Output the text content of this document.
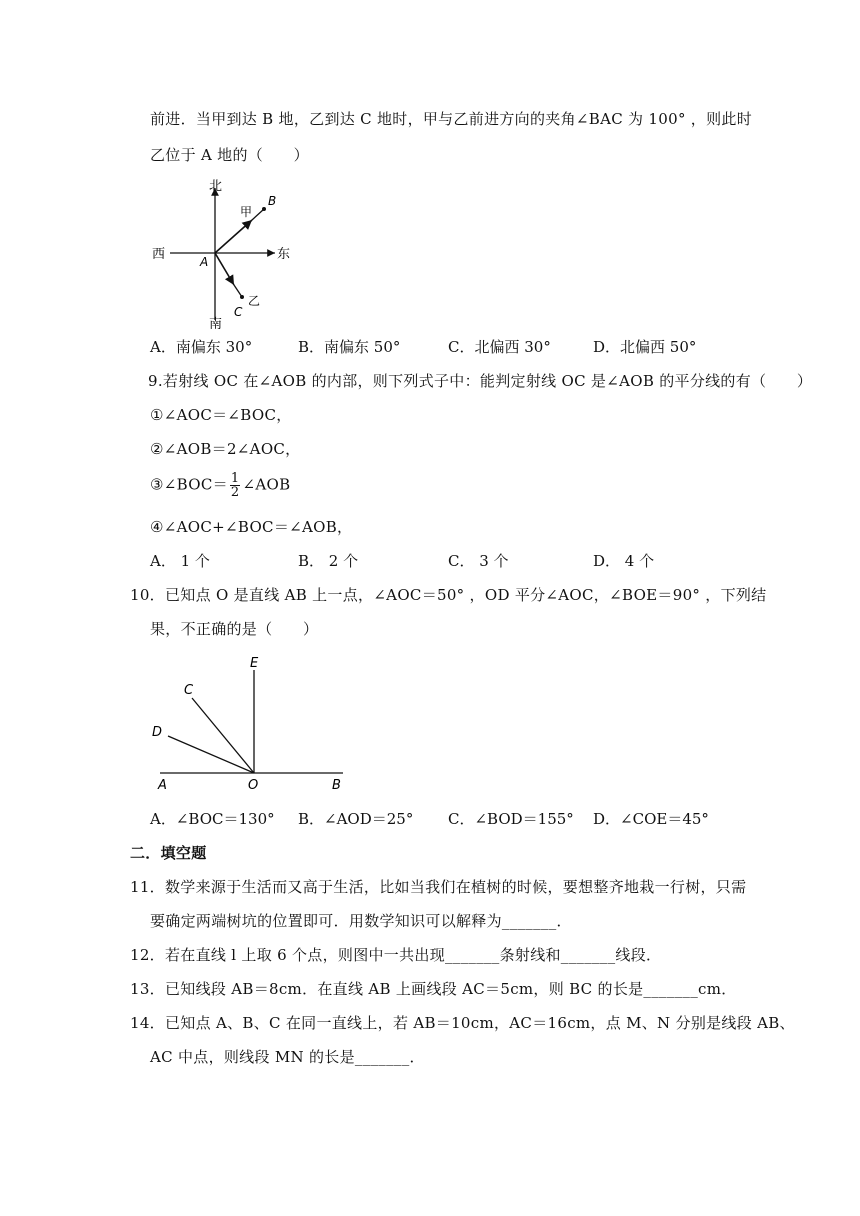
前进．当甲到达 B 地，乙到达 C 地时，甲与乙前进方向的夹角∠BAC 为 100° ，则此时
乙位于 A 地的（　　）
北
南
东
西	A
B
C
甲
乙
A．南偏东 30°	B．南偏东 50°	C．北偏西 30°	D．北偏西 50°
9.若射线 OC 在∠AOB 的内部，则下列式子中：能判定射线 OC 是∠AOB 的平分线的有（　　）
①∠AOC＝∠BOC，
②∠AOB＝2∠AOC，
③∠BOC＝ $\frac{1}{2}$ ∠AOB
④∠AOC+∠BOC＝∠AOB，
A． 1 个	B． 2 个	C． 3 个	D． 4 个
10．已知点 O 是直线 AB 上一点，∠AOC＝50° ，OD 平分∠AOC，∠BOE＝90° ，下列结
果，不正确的是（　　）
E
C
D
A	O	B
A．∠BOC＝130° B．∠AOD＝25° C．∠BOD＝155° D．∠COE＝45°
二．填空题
11．数学来源于生活而又高于生活，比如当我们在植树的时候，要想整齐地栽一行树，只需
要确定两端树坑的位置即可．用数学知识可以解释为_______．
12．若在直线 l 上取 6 个点，则图中一共出现_______条射线和_______线段．
13．已知线段 AB＝8cm．在直线 AB 上画线段 AC＝5cm，则 BC 的长是_______cm．
14．已知点 A、B、C 在同一直线上，若 AB＝10cm，AC＝16cm，点 M、N 分别是线段 AB、
AC 中点，则线段 MN 的长是_______．
